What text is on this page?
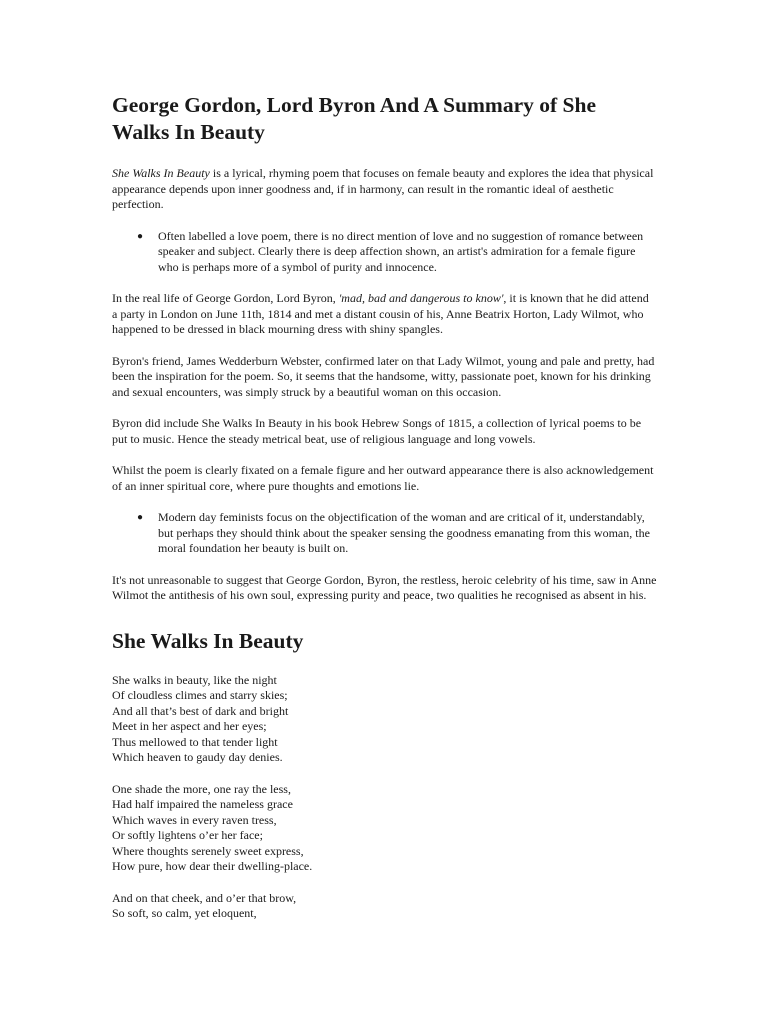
George Gordon, Lord Byron And A Summary of She Walks In Beauty

She Walks In Beauty is a lyrical, rhyming poem that focuses on female beauty and explores the idea that physical appearance depends upon inner goodness and, if in harmony, can result in the romantic ideal of aesthetic perfection.

● Often labelled a love poem, there is no direct mention of love and no suggestion of romance between speaker and subject. Clearly there is deep affection shown, an artist's admiration for a female figure who is perhaps more of a symbol of purity and innocence.

In the real life of George Gordon, Lord Byron, 'mad, bad and dangerous to know', it is known that he did attend a party in London on June 11th, 1814 and met a distant cousin of his, Anne Beatrix Horton, Lady Wilmot, who happened to be dressed in black mourning dress with shiny spangles.

Byron's friend, James Wedderburn Webster, confirmed later on that Lady Wilmot, young and pale and pretty, had been the inspiration for the poem. So, it seems that the handsome, witty, passionate poet, known for his drinking and sexual encounters, was simply struck by a beautiful woman on this occasion.

Byron did include She Walks In Beauty in his book Hebrew Songs of 1815, a collection of lyrical poems to be put to music. Hence the steady metrical beat, use of religious language and long vowels.

Whilst the poem is clearly fixated on a female figure and her outward appearance there is also acknowledgement of an inner spiritual core, where pure thoughts and emotions lie.

● Modern day feminists focus on the objectification of the woman and are critical of it, understandably, but perhaps they should think about the speaker sensing the goodness emanating from this woman, the moral foundation her beauty is built on.

It's not unreasonable to suggest that George Gordon, Byron, the restless, heroic celebrity of his time, saw in Anne Wilmot the antithesis of his own soul, expressing purity and peace, two qualities he recognised as absent in his.

She Walks In Beauty
She walks in beauty, like the night
Of cloudless climes and starry skies;
And all that’s best of dark and bright
Meet in her aspect and her eyes;
Thus mellowed to that tender light
Which heaven to gaudy day denies.
One shade the more, one ray the less,
Had half impaired the nameless grace
Which waves in every raven tress,
Or softly lightens o’er her face;
Where thoughts serenely sweet express,
How pure, how dear their dwelling-place.
And on that cheek, and o’er that brow,
So soft, so calm, yet eloquent,
